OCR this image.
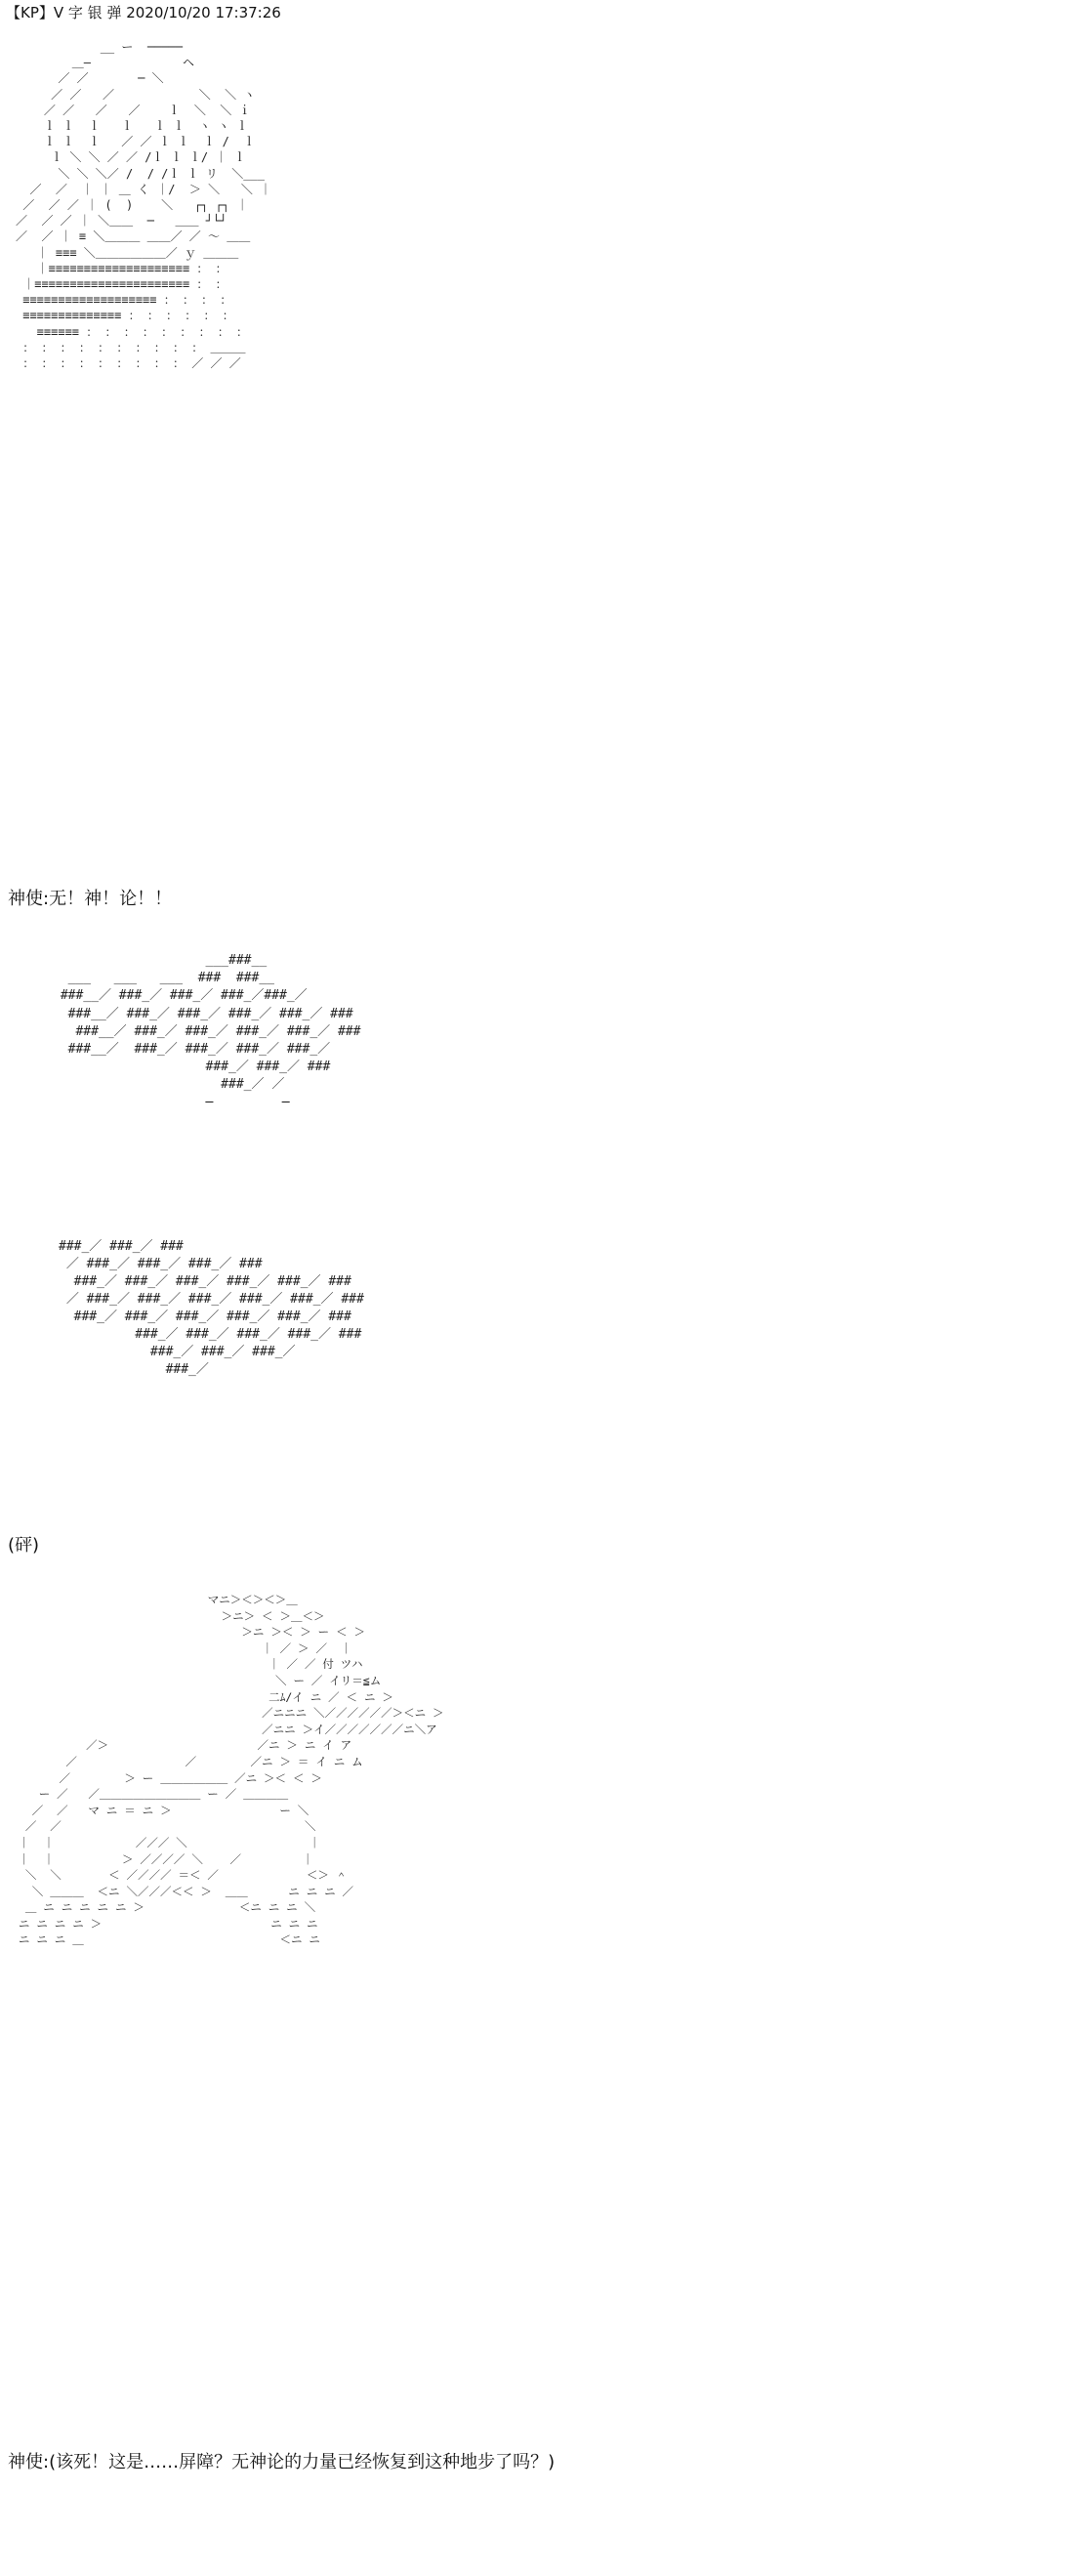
【KP】V 字 银 弹 2020/10/20 17:37:26
__ ー  ─────
＿―             ヘ
／ ／       ─ ＼
／ ／   ／            ＼  ＼ ヽ
／ ／   ／   ／    ｌ  ＼  ＼ ｉ
ｌ ｌ  ｌ   ｌ   ｌ ｌ  ヽ ヽ ｌ
ｌ ｌ  ｌ   ／ ／ ｌ ｌ  ｌ /  ｌ
ｌ ＼ ＼ ／ ／ /ｌ ｌ ｌ/ ｜ ｌ
＼ ＼ ＼／ /  / /ｌ ｌ リ  ＼___
／  ／  ｜ ｜ ＿ く ｜/  ＞ ＼   ＼ ｜
／  ／ ／ ｜ (  )    ＼   ┌┐ ┌┐ ｜
／  ／ ／ ｜ ＼＿＿  ─   ＿＿ ┘└┘
／  ／ ｜ ≡ ＼＿＿＿ ＿＿／ ／ ～ ＿＿
｜ ≡≡≡ ＼＿＿＿＿＿＿／ ｙ ＿＿＿
｜≡≡≡≡≡≡≡≡≡≡≡≡≡≡≡≡≡≡≡≡ ： ：
｜≡≡≡≡≡≡≡≡≡≡≡≡≡≡≡≡≡≡≡≡≡≡ ： ：
≡≡≡≡≡≡≡≡≡≡≡≡≡≡≡≡≡≡≡ ： ： ： ：
≡≡≡≡≡≡≡≡≡≡≡≡≡≡ ： ： ： ： ： ：
≡≡≡≡≡≡ ： ： ： ： ： ： ： ： ：
： ： ： ： ： ： ： ： ： ： ＿＿＿
： ： ： ： ： ： ： ： ： ／ ／ ／
神使:无！神！论！！
___###__
___   ___   ___  ###  ###__
###__／ ###_／ ###_／ ###_／###_／
###__／ ###_／ ###_／ ###_／ ###_／ ###
###__／ ###_／ ###_／ ###_／ ###_／ ###
###__／  ###_／ ###_／ ###_／ ###_／
###_／ ###_／ ###
###_／ ／
─         ─
###_／ ###_／ ###
／ ###_／ ###_／ ###_／ ###
###_／ ###_／ ###_／ ###_／ ###_／ ###
／ ###_／ ###_／ ###_／ ###_／ ###_／ ###
###_／ ###_／ ###_／ ###_／ ###_／ ###
###_／ ###_／ ###_／ ###_／ ###
###_／ ###_／ ###_／
###_／
(砰)
マニ＞＜＞＜＞＿
＞ニ＞ ＜ ＞＿＜＞
＞ニ ＞＜ ＞ ー ＜ ＞
｜ ／ ＞ ／  ｜
｜ ／ ／ 付 ツハ
＼ ー ／ イリ＝≦ム
二ﾑ/イ ニ ／ ＜ ニ ＞
／ニニニ ＼／／／／／／＞＜ニ ＞
／ニニ ＞イ／／／／／／／ニ＼ア
／＞                      ／ニ ＞ ニ イ ア
／                ／        ／ニ ＞ ＝ イ ニ ム
／        ＞ ー ＿＿＿＿＿＿ ／ニ ＞＜ ＜ ＞
ー ／   ／＿＿＿＿＿＿＿＿＿ ー ／ ＿＿＿＿
／  ／   マ ニ ＝ ニ ＞                ー ＼
／  ／                                    ＼
｜  ｜            ／／／ ＼                  ｜
｜  ｜          ＞ ／／／／ ＼    ／         ｜
＼  ＼       ＜ ／／／／ ＝＜ ／             ＜＞ ＾
＼ ＿＿＿  ＜ニ ＼／／／＜＜ ＞  ＿＿      ニ ニ ニ ／
＿ ニ ニ ニ ニ ニ ＞              ＜ニ ニ ニ ＼
ニ ニ ニ ニ ＞                         ニ ニ ニ
ニ ニ ニ ＿                             ＜ニ ニ
神使:(该死！这是……屏障？无神论的力量已经恢复到这种地步了吗？)
